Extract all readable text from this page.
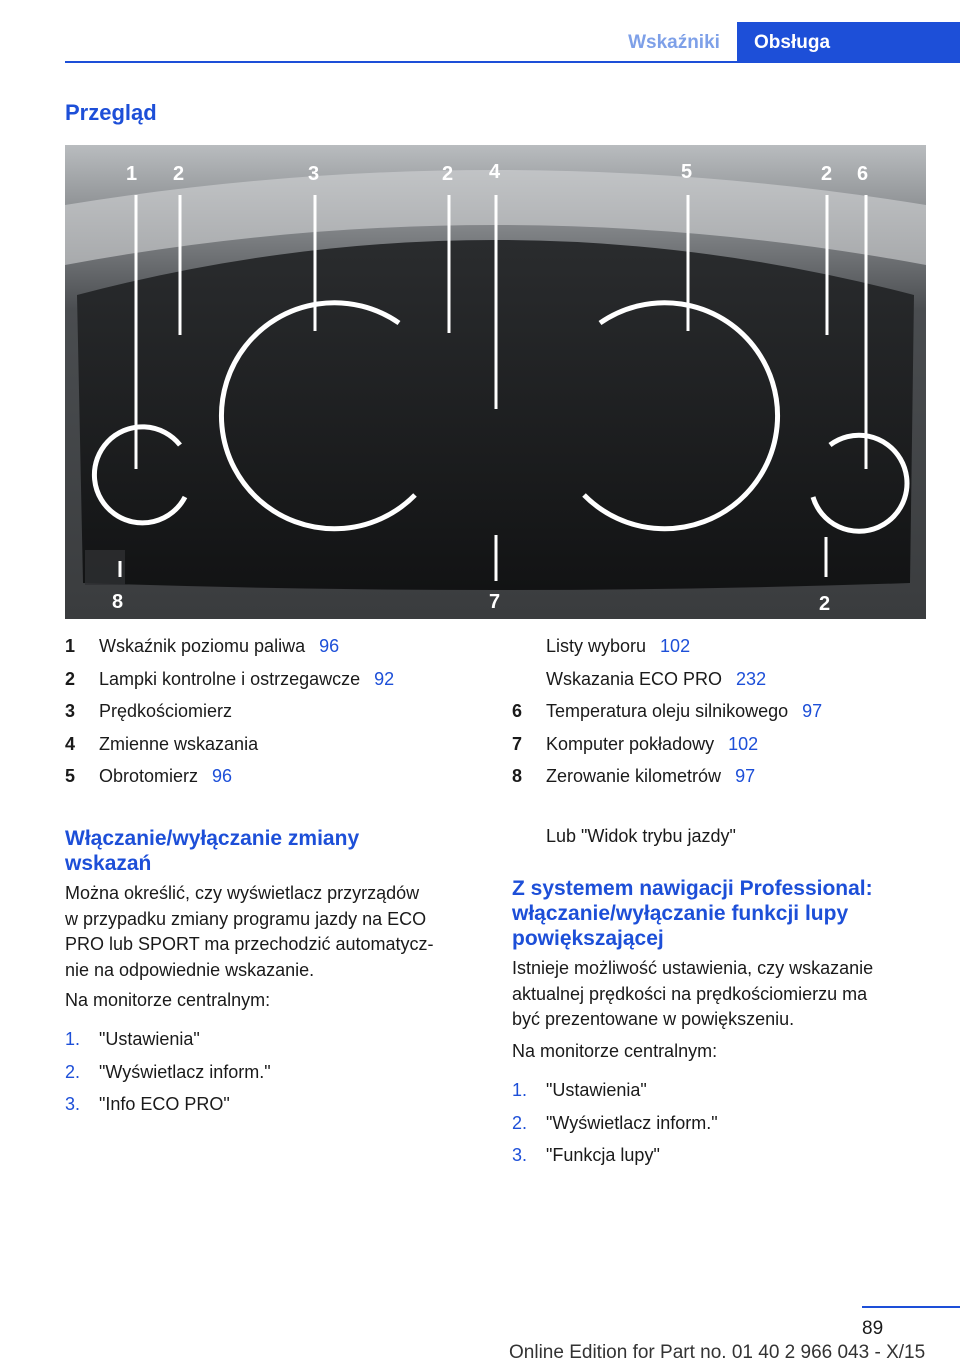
Wskaźniki	Obsługa
Przegląd
1 2	3	2 4	5	2 6
8	7	2
1 Wskaźnik poziomu paliwa 96
2 Lampki kontrolne i ostrzegawcze 92
3 Prędkościomierz
4 Zmienne wskazania
5 Obrotomierz 96
Listy wyboru 102
Wskazania ECO PRO 232
6 Temperatura oleju silnikowego 97
7 Komputer pokładowy 102
8 Zerowanie kilometrów 97
Włączanie/wyłączanie zmiany
wskazań
Można określić, czy wyświetlacz przyrządów
w przypadku zmiany programu jazdy na ECO
PRO lub SPORT ma przechodzić automatycz‐
nie na odpowiednie wskazanie.
Na monitorze centralnym:
1. "Ustawienia"
2. "Wyświetlacz inform."
3. "Info ECO PRO"
Lub "Widok trybu jazdy"
Z systemem nawigacji Professional:
włączanie/wyłączanie funkcji lupy
powiększającej
Istnieje możliwość ustawienia, czy wskazanie
aktualnej prędkości na prędkościomierzu ma
być prezentowane w powiększeniu.
Na monitorze centralnym:
1. "Ustawienia"
2. "Wyświetlacz inform."
3. "Funkcja lupy"
89
Online Edition for Part no. 01 40 2 966 043 - X/15
